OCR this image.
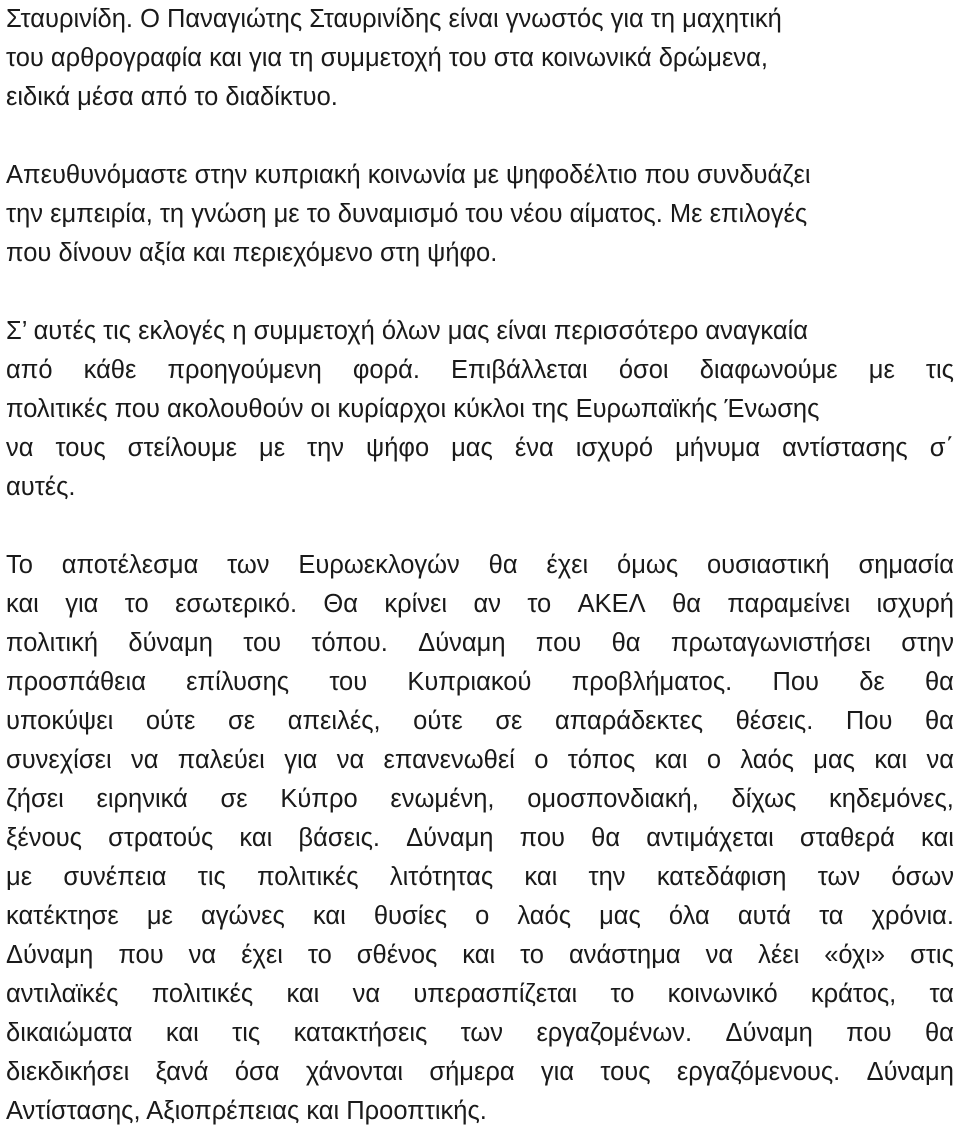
Σταυρινίδη. Ο Παναγιώτης Σταυρινίδης είναι γνωστός για τη μαχητική
του αρθρογραφία και για τη συμμετοχή του στα κοινωνικά δρώμενα,
ειδικά μέσα από το διαδίκτυο.
Απευθυνόμαστε στην κυπριακή κοινωνία με ψηφοδέλτιο που συνδυάζει
την εμπειρία, τη γνώση με το δυναμισμό του νέου αίματος. Με επιλογές
που δίνουν αξία και περιεχόμενο στη ψήφο.
Σ’ αυτές τις εκλογές η συμμετοχή όλων μας είναι περισσότερο αναγκαία
από κάθε προηγούμενη φορά. Επιβάλλεται όσοι διαφωνούμε με τις
πολιτικές που ακολουθούν οι κυρίαρχοι κύκλοι της Ευρωπαϊκής Ένωσης
να τους στείλουμε με την ψήφο μας ένα ισχυρό μήνυμα αντίστασης σ΄
αυτές.
Το αποτέλεσμα των Ευρωεκλογών θα έχει όμως ουσιαστική σημασία
και για το εσωτερικό. Θα κρίνει αν το ΑΚΕΛ θα παραμείνει ισχυρή
πολιτική δύναμη του τόπου. Δύναμη που θα πρωταγωνιστήσει στην
προσπάθεια επίλυσης του Κυπριακού προβλήματος. Που δε θα
υποκύψει ούτε σε απειλές, ούτε σε απαράδεκτες θέσεις. Που θα
συνεχίσει να παλεύει για να επανενωθεί ο τόπος και ο λαός μας και να
ζήσει ειρηνικά σε Κύπρο ενωμένη, ομοσπονδιακή, δίχως κηδεμόνες,
ξένους στρατούς και βάσεις. Δύναμη που θα αντιμάχεται σταθερά και
με συνέπεια τις πολιτικές λιτότητας και την κατεδάφιση των όσων
κατέκτησε με αγώνες και θυσίες ο λαός μας όλα αυτά τα χρόνια.
Δύναμη που να έχει το σθένος και το ανάστημα να λέει «όχι» στις
αντιλαϊκές πολιτικές και να υπερασπίζεται το κοινωνικό κράτος, τα
δικαιώματα και τις κατακτήσεις των εργαζομένων. Δύναμη που θα
διεκδικήσει ξανά όσα χάνονται σήμερα για τους εργαζόμενους. Δύναμη
Αντίστασης, Αξιοπρέπειας και Προοπτικής.
